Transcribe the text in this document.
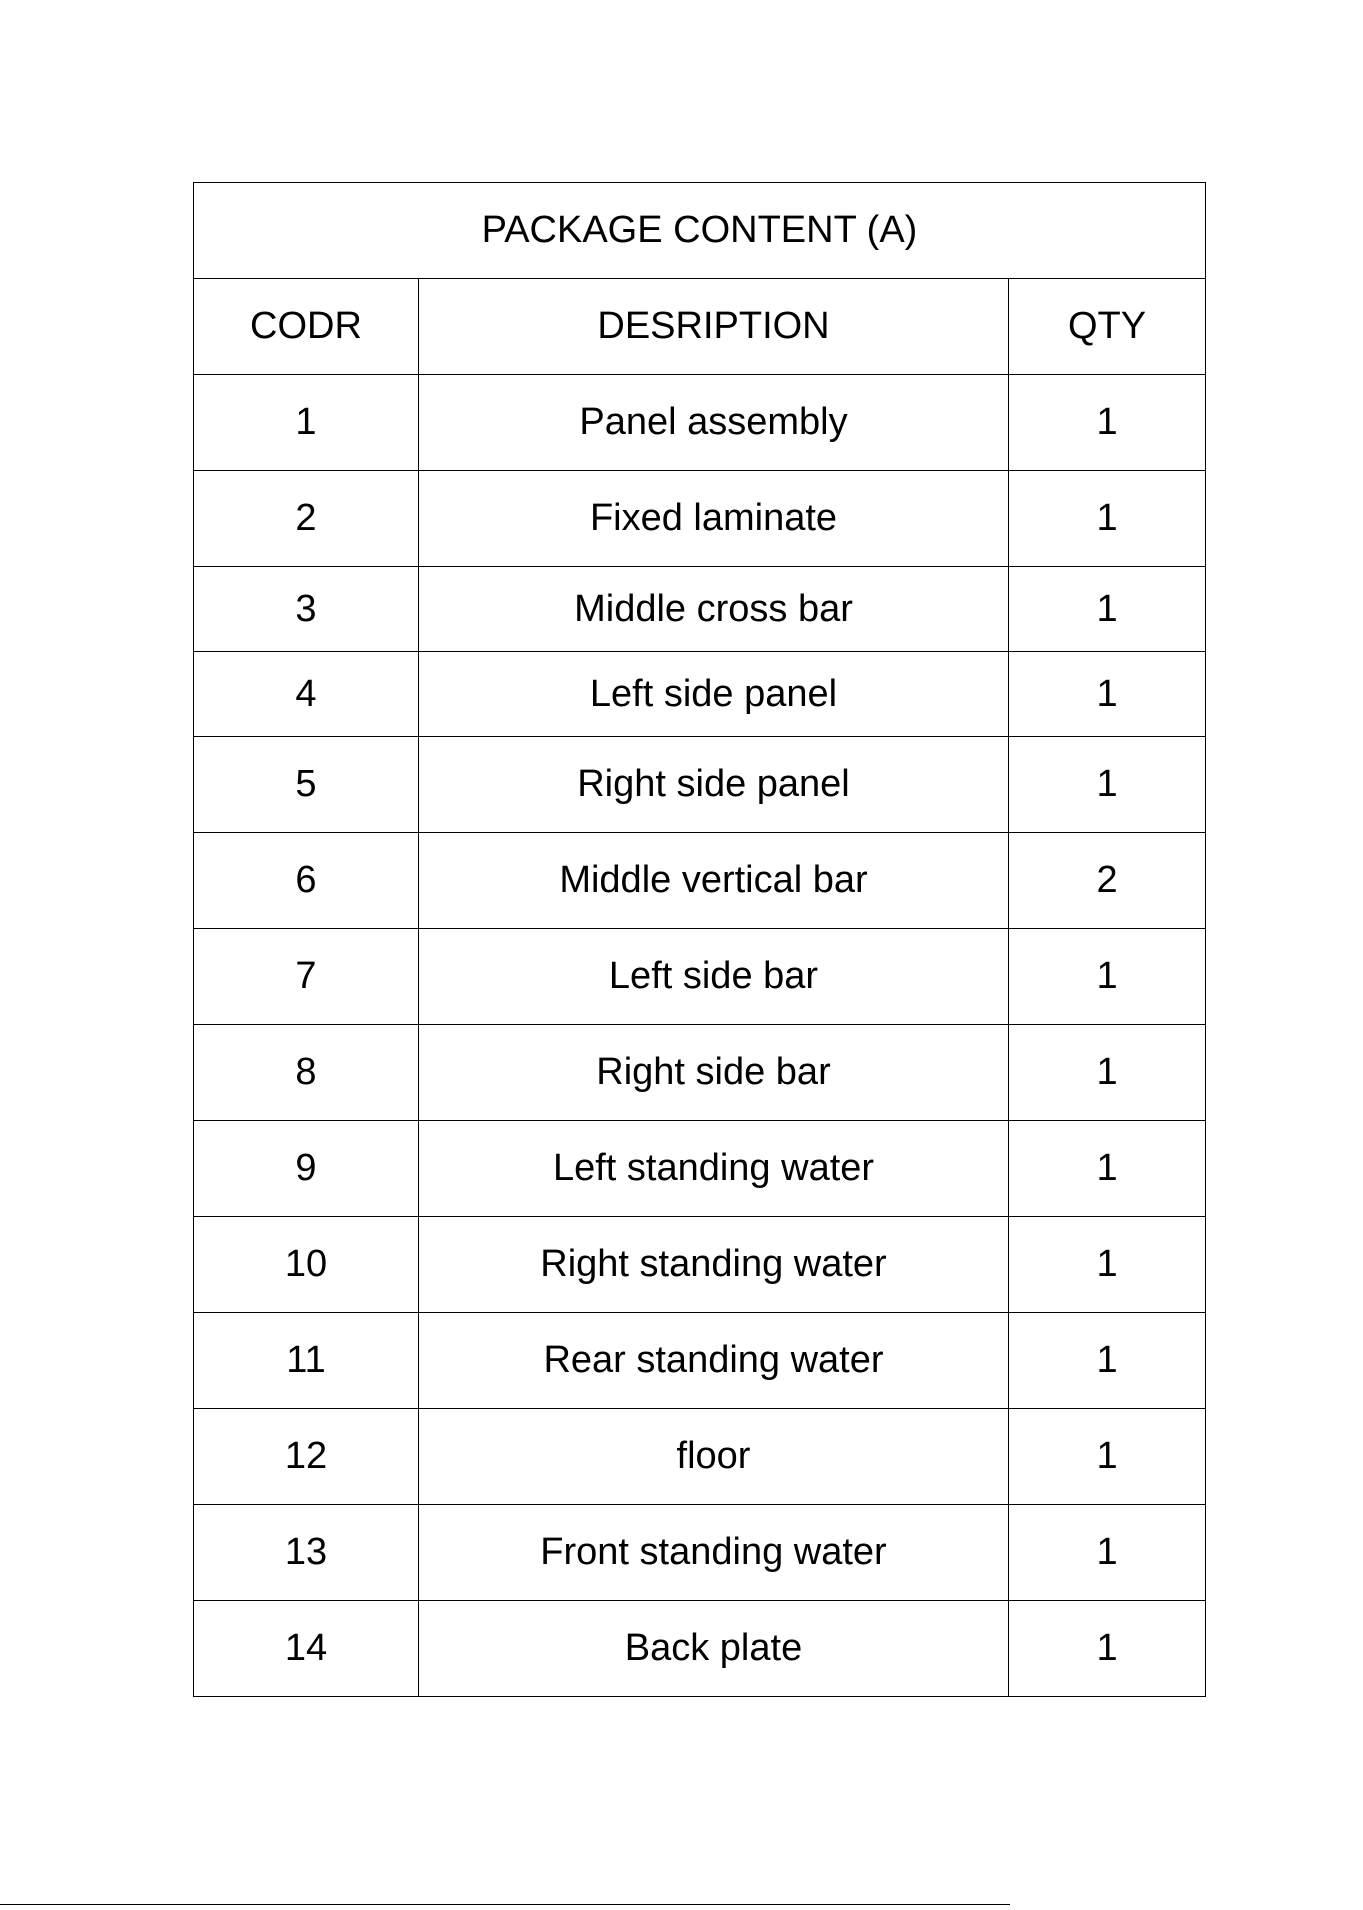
PACKAGE CONTENT (A)		
CODR	DESRIPTION	QTY
1	Panel assembly	1
2	Fixed laminate	1
3	Middle cross bar	1
4	Left side panel	1
5	Right side panel	1
6	Middle vertical bar	2
7	Left side bar	1
8	Right side bar	1
9	Left standing water	1
10	Right standing water	1
11	Rear standing water	1
12	floor	1
13	Front standing water	1
14	Back plate	1
